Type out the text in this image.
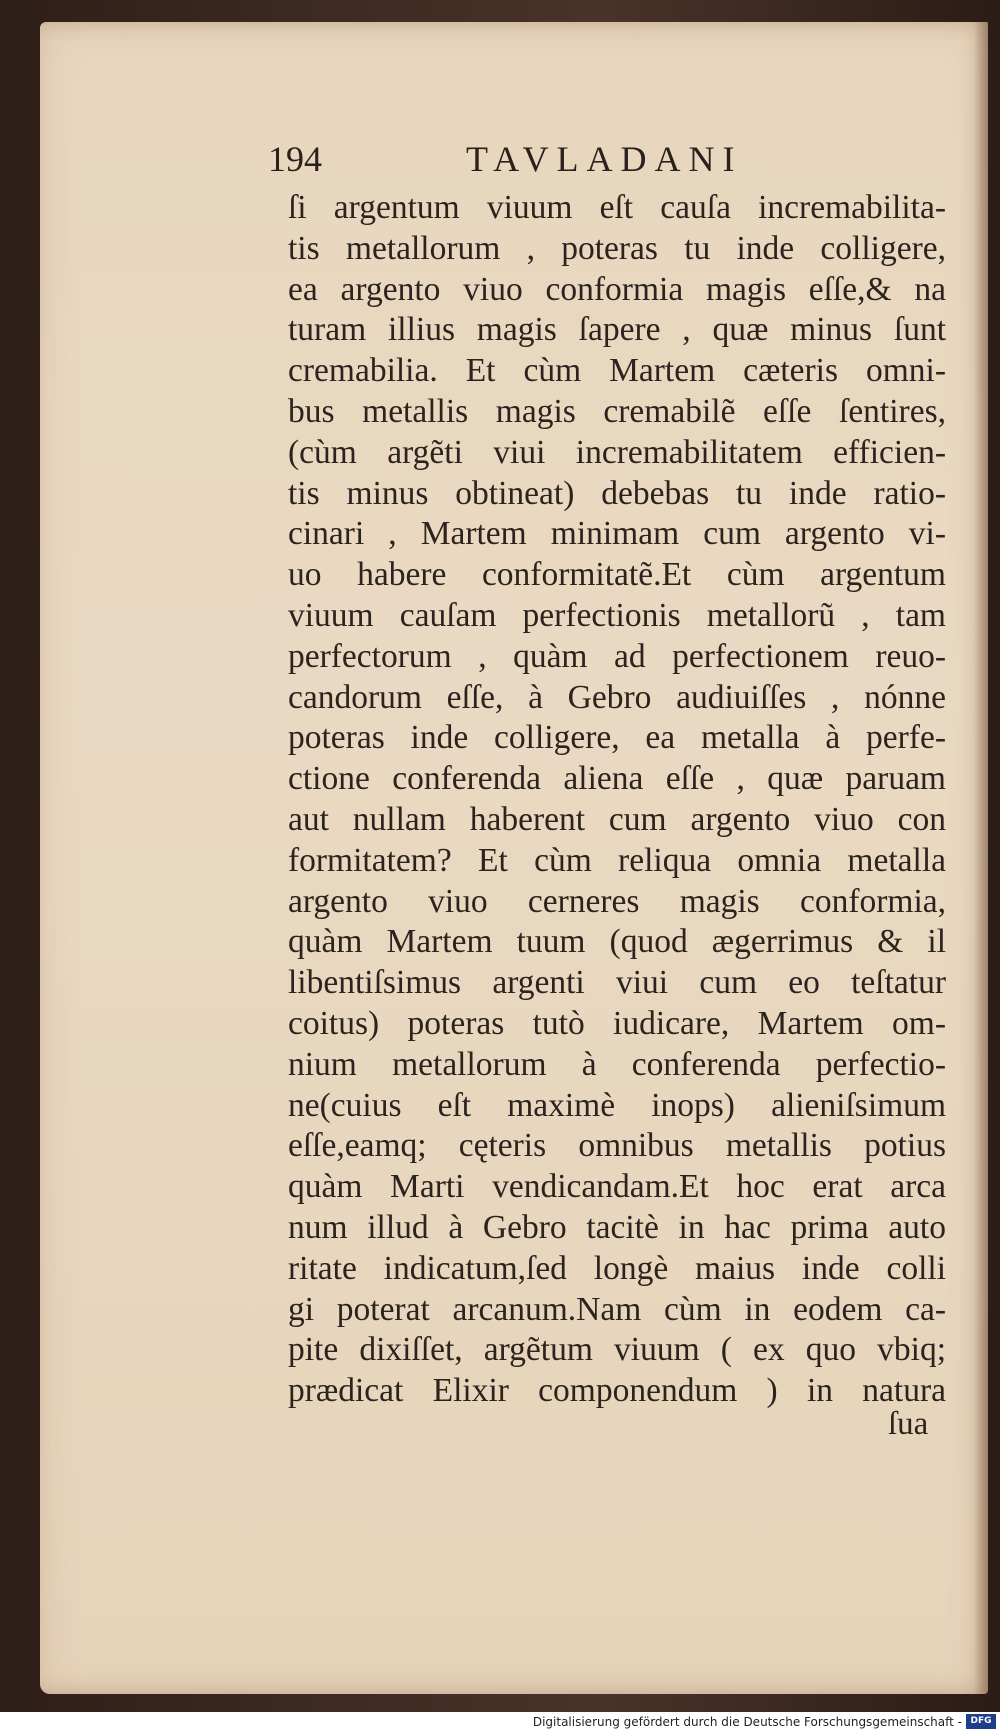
194	TAVLADANI
ſi argentum viuum eſt cauſa incremabilita-
tis metallorum , poteras tu inde colligere,
ea argento viuo conformia magis eſſe,& na
turam illius magis ſapere , quæ minus ſunt
cremabilia. Et cùm Martem cæteris omni-
bus metallis magis cremabilẽ eſſe ſentires,
(cùm argẽti viui incremabilitatem efficien-
tis minus obtineat) debebas tu inde ratio-
cinari , Martem minimam cum argento vi-
uo habere conformitatẽ.Et cùm argentum
viuum cauſam perfectionis metallorũ , tam
perfectorum , quàm ad perfectionem reuo-
candorum eſſe, à Gebro audiuiſſes , nónne
poteras inde colligere, ea metalla à perfe-
ctione conferenda aliena eſſe , quæ paruam
aut nullam haberent cum argento viuo con
formitatem? Et cùm reliqua omnia metalla
argento viuo cerneres magis conformia,
quàm Martem tuum (quod ægerrimus & il
libentiſsimus argenti viui cum eo teſtatur
coitus) poteras tutò iudicare, Martem om-
nium metallorum à conferenda perfectio-
ne(cuius eſt maximè inops) alieniſsimum
eſſe,eamq; cęteris omnibus metallis potius
quàm Marti vendicandam.Et hoc erat arca
num illud à Gebro tacitè in hac prima auto
ritate indicatum,ſed longè maius inde colli
gi poterat arcanum.Nam cùm in eodem ca-
pite dixiſſet, argẽtum viuum ( ex quo vbiq;
prædicat Elixir componendum ) in natura
ſua
Digitalisierung gefördert durch die Deutsche Forschungsgemeinschaft - DFG
